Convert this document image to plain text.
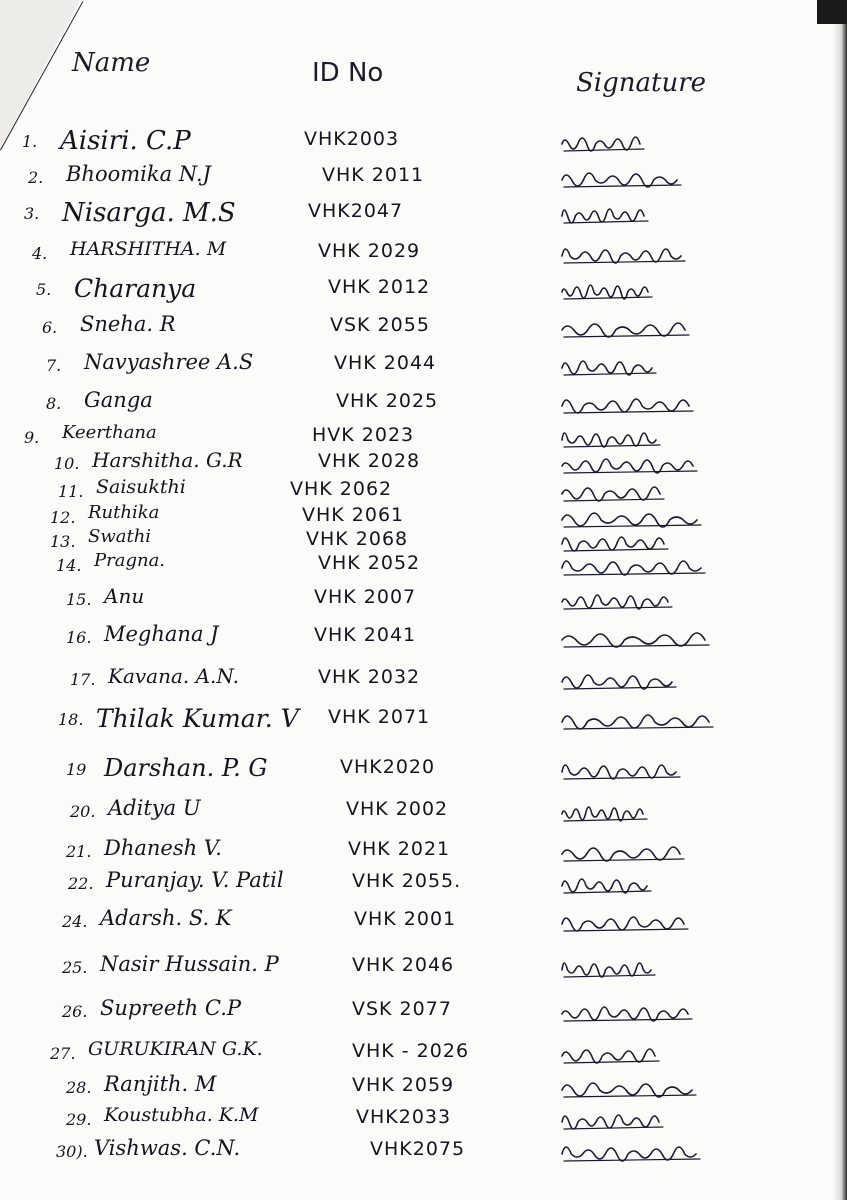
Name	ID No	Signature
1. Aisiri. C.P	VHK2003
2. Bhoomika N.J	VHK 2011
3. Nisarga. M.S	VHK2047
4. HARSHITHA. M	VHK 2029
5. Charanya	VHK 2012
6. Sneha. R	VSK 2055
7. Navyashree A.S	VHK 2044
8. Ganga	VHK 2025
9. Keerthana	HVK 2023
10. Harshitha. G.R	VHK 2028
11. Saisukthi	VHK 2062
12. Ruthika	VHK 2061
13. Swathi	VHK 2068
14. Pragna.	VHK 2052
15. Anu	VHK 2007
16. Meghana J	VHK 2041
17. Kavana. A.N.	VHK 2032
18. Thilak Kumar. V VHK 2071
19 Darshan. P. G	VHK2020
20. Aditya U	VHK 2002
21. Dhanesh V.	VHK 2021
22. Puranjay. V. Patil	VHK 2055.
24. Adarsh. S. K	VHK 2001
25. Nasir Hussain. P	VHK 2046
26. Supreeth C.P	VSK 2077
27. GURUKIRAN G.K.	VHK - 2026
28. Ranjith. M	VHK 2059
29. Koustubha. K.M	VHK2033
30). Vishwas. C.N.	VHK2075
